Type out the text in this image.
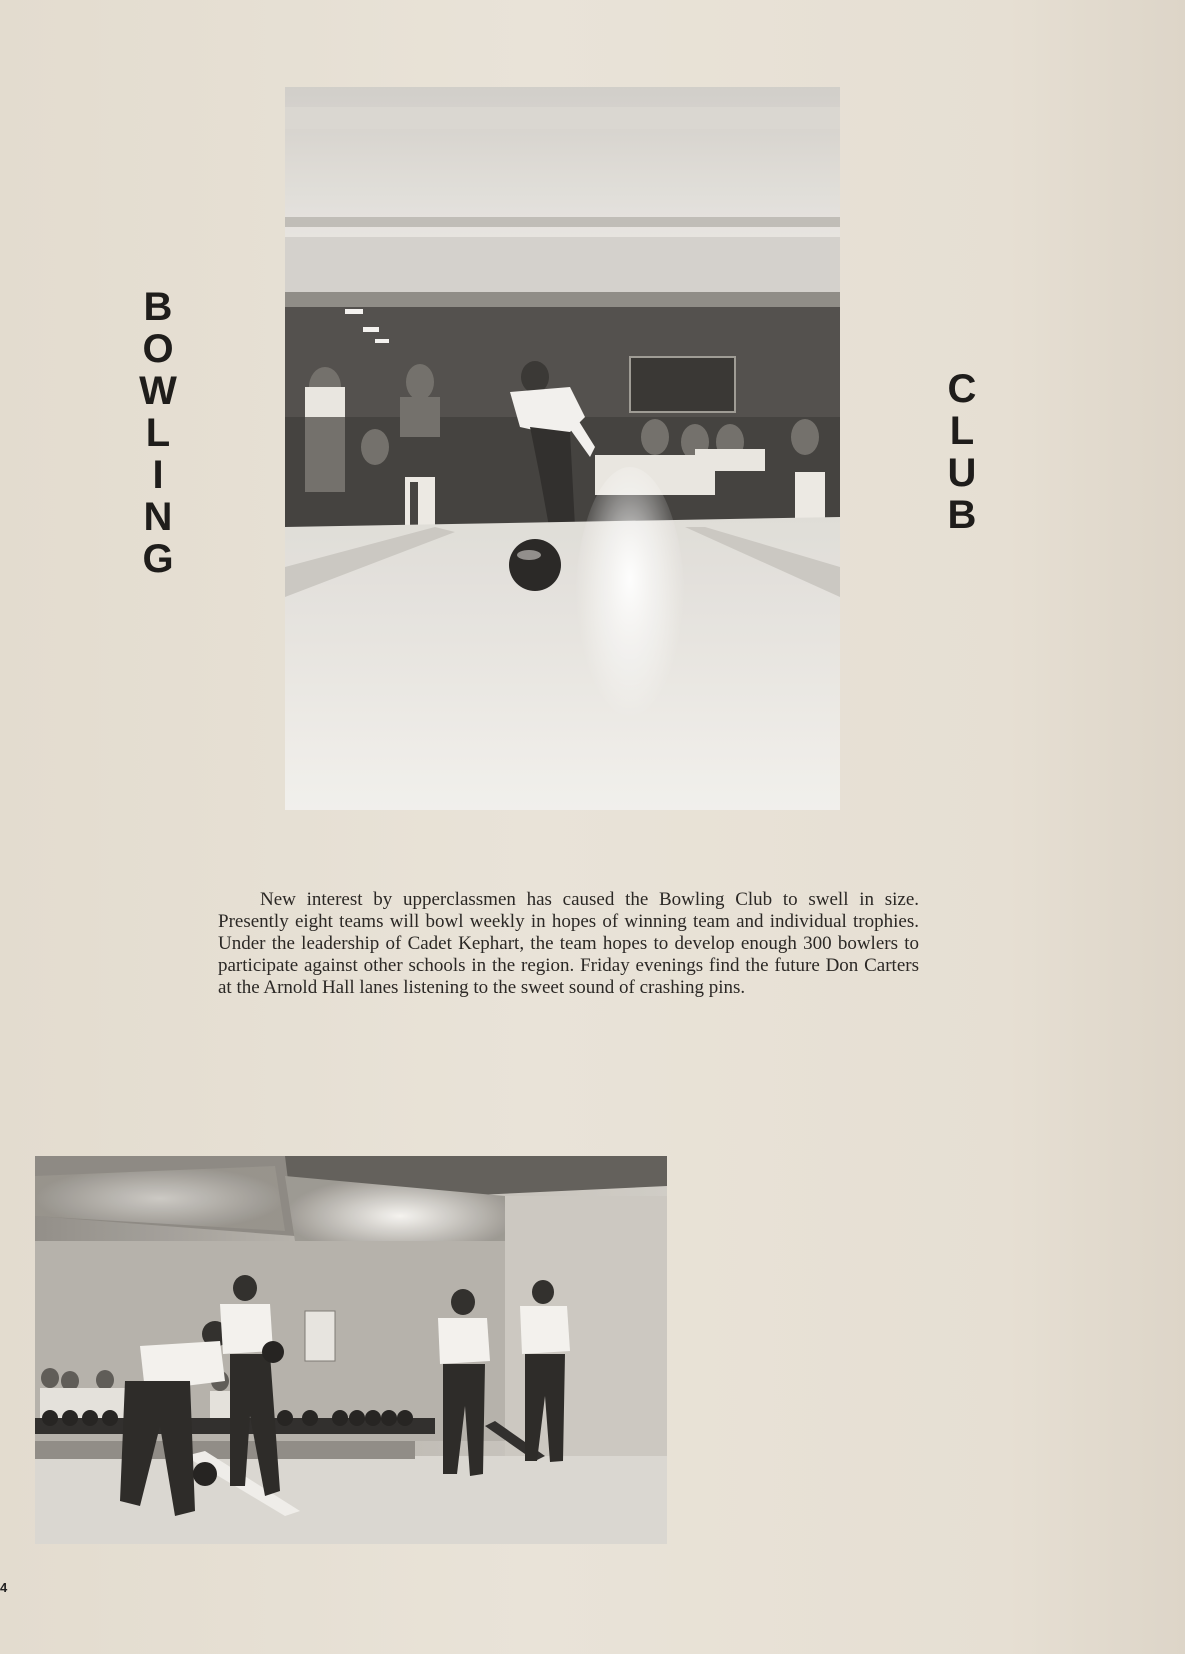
B
O
W
L
I
N
G
C
L
U
B

New interest by upperclassmen has caused the Bowling Club to swell in size. Presently eight teams will bowl weekly in hopes of winning team and individual trophies. Under the leadership of Cadet Kephart, the team hopes to develop enough 300 bowlers to participate against other schools in the region. Friday evenings find the future Don Carters at the Arnold Hall lanes listening to the sweet sound of crashing pins.

4
